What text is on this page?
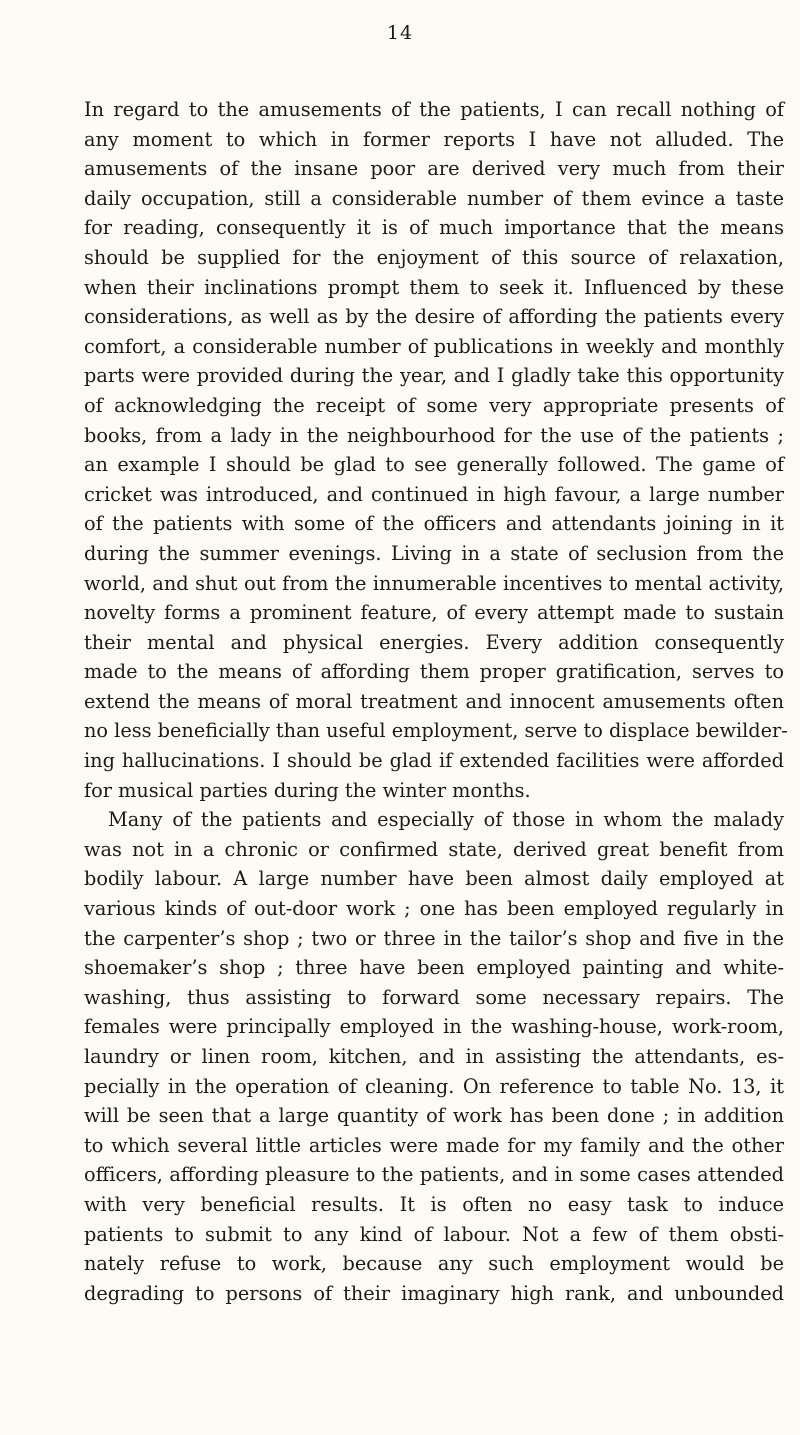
14
In regard to the amusements of the patients, I can recall nothing of
any moment to which in former reports I have not alluded. The
amusements of the insane poor are derived very much from their
daily occupation, still a considerable number of them evince a taste
for reading, consequently it is of much importance that the means
should be supplied for the enjoyment of this source of relaxation,
when their inclinations prompt them to seek it. Influenced by these
considerations, as well as by the desire of affording the patients every
comfort, a considerable number of publications in weekly and monthly
parts were provided during the year, and I gladly take this opportunity
of acknowledging the receipt of some very appropriate presents of
books, from a lady in the neighbourhood for the use of the patients ;
an example I should be glad to see generally followed. The game of
cricket was introduced, and continued in high favour, a large number
of the patients with some of the officers and attendants joining in it
during the summer evenings. Living in a state of seclusion from the
world, and shut out from the innumerable incentives to mental activity,
novelty forms a prominent feature, of every attempt made to sustain
their mental and physical energies. Every addition consequently
made to the means of affording them proper gratification, serves to
extend the means of moral treatment and innocent amusements often
no less beneficially than useful employment, serve to displace bewilder-
ing hallucinations. I should be glad if extended facilities were afforded
for musical parties during the winter months.
Many of the patients and especially of those in whom the malady
was not in a chronic or confirmed state, derived great benefit from
bodily labour. A large number have been almost daily employed at
various kinds of out-door work ; one has been employed regularly in
the carpenter’s shop ; two or three in the tailor’s shop and five in the
shoemaker’s shop ; three have been employed painting and white-
washing, thus assisting to forward some necessary repairs. The
females were principally employed in the washing-house, work-room,
laundry or linen room, kitchen, and in assisting the attendants, es-
pecially in the operation of cleaning. On reference to table No. 13, it
will be seen that a large quantity of work has been done ; in addition
to which several little articles were made for my family and the other
officers, affording pleasure to the patients, and in some cases attended
with very beneficial results. It is often no easy task to induce
patients to submit to any kind of labour. Not a few of them obsti-
nately refuse to work, because any such employment would be
degrading to persons of their imaginary high rank, and unbounded
